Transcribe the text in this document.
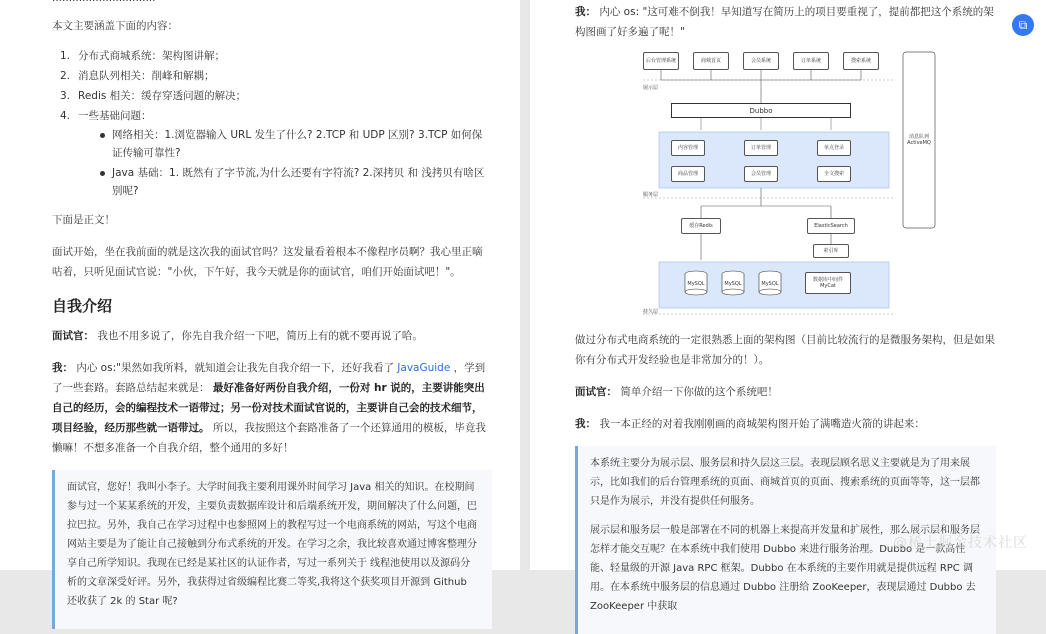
本文主要涵盖下面的内容：

1. 分布式商城系统：架构图讲解；
2. 消息队列相关：削峰和解耦；
3. Redis 相关：缓存穿透问题的解决；
4. 一些基础问题：
网络相关：1.浏览器输入 URL 发生了什么? 2.TCP 和 UDP 区别? 3.TCP 如何保证传输可靠性?
Java 基础：1. 既然有了字节流,为什么还要有字符流? 2.深拷贝 和 浅拷贝有啥区别呢?

下面是正文！

面试开始，坐在我前面的就是这次我的面试官吗？这发量看着根本不像程序员啊？我心里正嘀咕着，只听见面试官说："小伙，下午好，我今天就是你的面试官，咱们开始面试吧！"。

自我介绍

面试官： 我也不用多说了，你先自我介绍一下吧，简历上有的就不要再说了哈。

我： 内心 os:"果然如我所料，就知道会让我先自我介绍一下，还好我看了 JavaGuide ，学到了一些套路。套路总结起来就是： 最好准备好两份自我介绍，一份对 hr 说的，主要讲能突出自己的经历，会的编程技术一语带过；另一份对技术面试官说的，主要讲自己会的技术细节，项目经验，经历那些就一语带过。 所以，我按照这个套路准备了一个还算通用的模板，毕竟我懒嘛！不想多准备一个自我介绍，整个通用的多好！

面试官，您好！我叫小李子。大学时间我主要利用课外时间学习 Java 相关的知识。在校期间参与过一个某某系统的开发，主要负责数据库设计和后端系统开发，期间解决了什么问题，巴拉巴拉。另外，我自己在学习过程中也参照网上的教程写过一个电商系统的网站，写这个电商网站主要是为了能让自己接触到分布式系统的开发。在学习之余，我比较喜欢通过博客整理分享自己所学知识。我现在已经是某社区的认证作者，写过一系列关于 线程池使用以及源码分析的文章深受好评。另外，我获得过省级编程比赛二等奖,我将这个获奖项目开源到 Github 还收获了 2k 的 Star 呢?

我： 内心 os: "这可难不倒我！早知道写在简历上的项目要重视了，提前都把这个系统的架构图画了好多遍了呢！"

后台管理系统	商城首页	会员系统	订单系统	搜索系统
展示层
Dubbo
内容管理	订单管理	单点登录
商品管理	会员管理	全文搜索
服务层
消息队列 ActiveMQ
缓存Redis	ElasticSearch
索引库
MySQL	MySQL	MySQL
数据库中间件 MyCat
持久层

做过分布式电商系统的一定很熟悉上面的架构图（目前比较流行的是微服务架构，但是如果你有分布式开发经验也是非常加分的！）。

面试官： 简单介绍一下你做的这个系统吧！

我： 我一本正经的对着我刚刚画的商城架构图开始了满嘴造火箭的讲起来：

本系统主要分为展示层、服务层和持久层这三层。表现层顾名思义主要就是为了用来展示，比如我们的后台管理系统的页面、商城首页的页面、搜索系统的页面等等，这一层都只是作为展示，并没有提供任何服务。

展示层和服务层一般是部署在不同的机器上来提高并发量和扩展性，那么展示层和服务层怎样才能交互呢？在本系统中我们使用 Dubbo 来进行服务治理。Dubbo 是一款高性能、轻量级的开源 Java RPC 框架。Dubbo 在本系统的主要作用就是提供远程 RPC 调用。在本系统中服务层的信息通过 Dubbo 注册给 ZooKeeper，表现层通过 Dubbo 去 ZooKeeper 中获取

⧉
@稀土掘金技术社区
